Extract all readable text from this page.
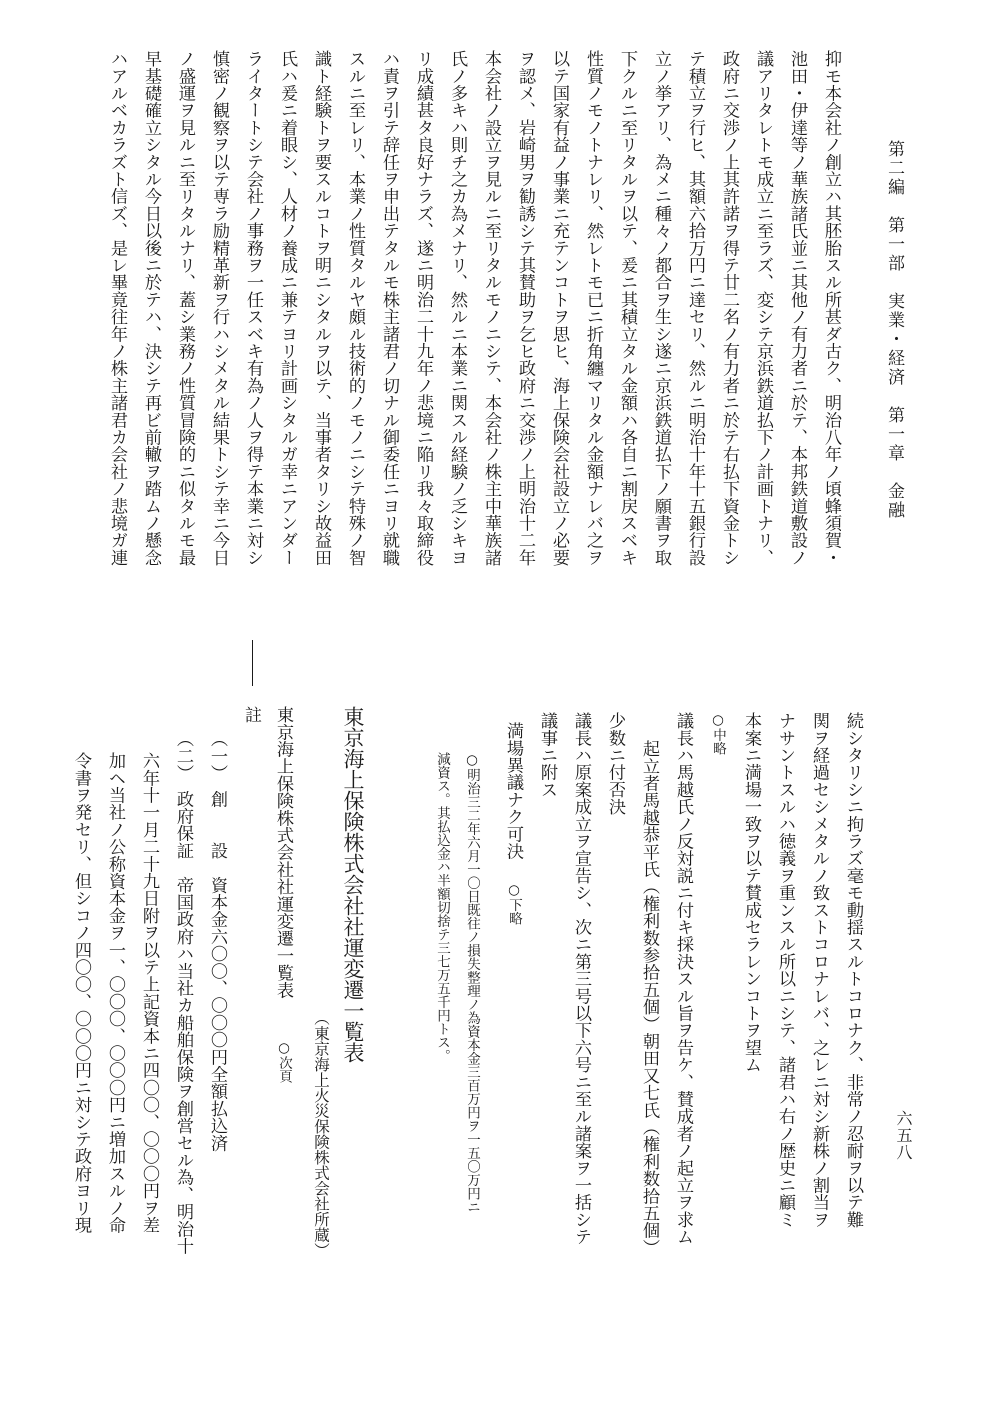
第二編　第一部　実業・経済　第一章　金融
六五八
抑モ本会社ノ創立ハ其胚胎スル所甚ダ古ク、明治八年ノ頃蜂須賀・
池田・伊達等ノ華族諸氏並ニ其他ノ有力者ニ於テ、本邦鉄道敷設ノ
議アリタレトモ成立ニ至ラズ、変シテ京浜鉄道払下ノ計画トナリ、
政府ニ交渉ノ上其許諾ヲ得テ廿二名ノ有力者ニ於テ右払下資金トシ
テ積立ヲ行ヒ、其額六拾万円ニ達セリ、然ルニ明治十年十五銀行設
立ノ挙アリ、為メニ種々ノ都合ヲ生シ遂ニ京浜鉄道払下ノ願書ヲ取
下クルニ至リタルヲ以テ、爰ニ其積立タル金額ハ各自ニ割戻スベキ
性質ノモノトナレリ、然レトモ已ニ折角纏マリタル金額ナレバ之ヲ
以テ国家有益ノ事業ニ充テンコトヲ思ヒ、海上保険会社設立ノ必要
ヲ認メ、岩崎男ヲ勧誘シテ其賛助ヲ乞ヒ政府ニ交渉ノ上明治十二年
本会社ノ設立ヲ見ルニ至リタルモノニシテ、本会社ノ株主中華族諸
氏ノ多キハ則チ之カ為メナリ、然ルニ本業ニ関スル経験ノ乏シキヨ
リ成績甚タ良好ナラズ、遂ニ明治二十九年ノ悲境ニ陥リ我々取締役
ハ責ヲ引テ辞任ヲ申出テタルモ株主諸君ノ切ナル御委任ニヨリ就職
スルニ至レリ、本業ノ性質タルヤ頗ル技術的ノモノニシテ特殊ノ智
識ト経験トヲ要スルコトヲ明ニシタルヲ以テ、当事者タリシ故益田
氏ハ爰ニ着眼シ、人材ノ養成ニ兼テヨリ計画シタルガ幸ニアンダー
ライタートシテ会社ノ事務ヲ一任スベキ有為ノ人ヲ得テ本業ニ対シ
慎密ノ観察ヲ以テ専ラ励精革新ヲ行ハシメタル結果トシテ幸ニ今日
ノ盛運ヲ見ルニ至リタルナリ、蓋シ業務ノ性質冒険的ニ似タルモ最
早基礎確立シタル今日以後ニ於テハ、決シテ再ビ前轍ヲ踏ムノ懸念
ハアルベカラズト信ズ、是レ畢竟往年ノ株主諸君カ会社ノ悲境ガ連
続シタリシニ拘ラズ毫モ動揺スルトコロナク、非常ノ忍耐ヲ以テ難
関ヲ経過セシメタルノ致ストコロナレバ、之レニ対シ新株ノ割当ヲ
ナサントスルハ徳義ヲ重ンスル所以ニシテ、諸君ハ右ノ歴史ニ顧ミ
本案ニ満場一致ヲ以テ賛成セラレンコトヲ望ム
○中略
議長ハ馬越氏ノ反対説ニ付キ採決スル旨ヲ告ケ、賛成者ノ起立ヲ求ム
起立者馬越恭平氏（権利数参拾五個）朝田又七氏（権利数拾五個）
少数ニ付否決
議長ハ原案成立ヲ宣告シ、次ニ第三号以下六号ニ至ル諸案ヲ一括シテ
議事ニ附ス
満場異議ナク可決
○下略
○明治三二年六月一〇日既往ノ損失整理ノ為資本金三百万円ヲ一五〇万円ニ
減資ス。其払込金ハ半額切捨テ三七万五千円トス。
東京海上保険株式会社社運変遷一覧表
（東京海上火災保険株式会社所蔵）
東京海上保険株式会社社運変遷一覧表
○次頁
註
（一）　創　　設　資本金六〇〇、〇〇〇円全額払込済
（二）　政府保証　帝国政府ハ当社カ船舶保険ヲ創営セル為、明治十
六年十一月二十九日附ヲ以テ上記資本ニ四〇〇、〇〇〇円ヲ差
加ヘ当社ノ公称資本金ヲ一、〇〇〇、〇〇〇円ニ増加スルノ命
令書ヲ発セリ、但シコノ四〇〇、〇〇〇円ニ対シテ政府ヨリ現
